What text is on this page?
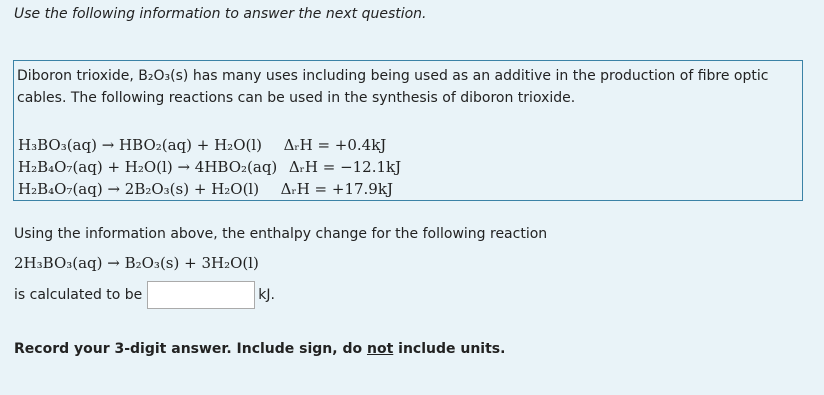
Use the following information to answer the next question.
Diboron trioxide, B₂O₃(s) has many uses including being used as an additive in the production of fibre optic cables. The following reactions can be used in the synthesis of diboron trioxide.
H₃BO₃(aq) → HBO₂(aq) + H₂O(l) ΔᵣH = +0.4kJ
H₂B₄O₇(aq) + H₂O(l) → 4HBO₂(aq) ΔᵣH = −12.1kJ
H₂B₄O₇(aq) → 2B₂O₃(s) + H₂O(l) ΔᵣH = +17.9kJ
Using the information above, the enthalpy change for the following reaction
2H₃BO₃(aq) → B₂O₃(s) + 3H₂O(l)
is calculated to be	kJ.
Record your 3-digit answer. Include sign, do not include units.
